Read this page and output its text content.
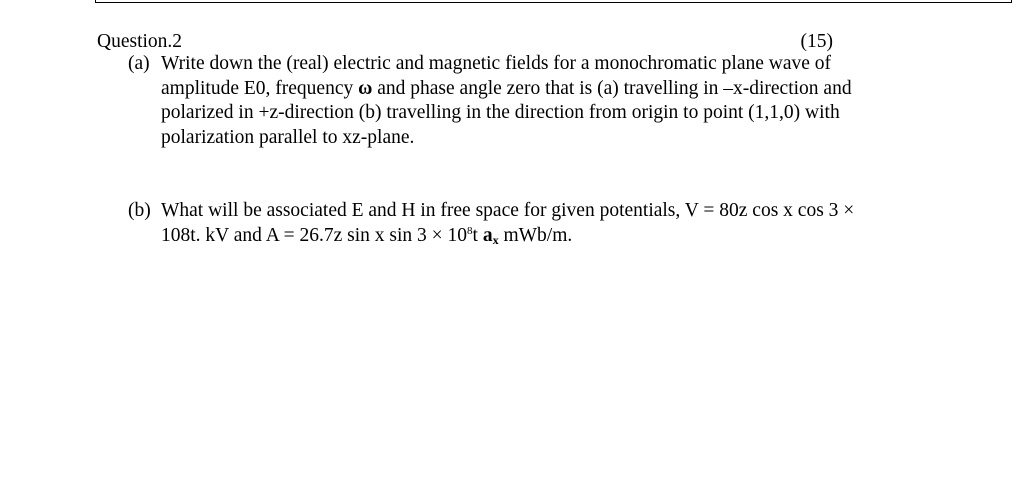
Question.2	(15)
(a) Write down the (real) electric and magnetic fields for a monochromatic plane wave of
amplitude E0, frequency ω and phase angle zero that is (a) travelling in –x-direction and
polarized in +z-direction (b) travelling in the direction from origin to point (1,1,0) with
polarization parallel to xz-plane.
(b) What will be associated E and H in free space for given potentials, V = 80z cos x cos 3 ×
108t. kV and A = 26.7z sin x $\sin 3 \times 10^8t$ $a_x$ mWb/m.
